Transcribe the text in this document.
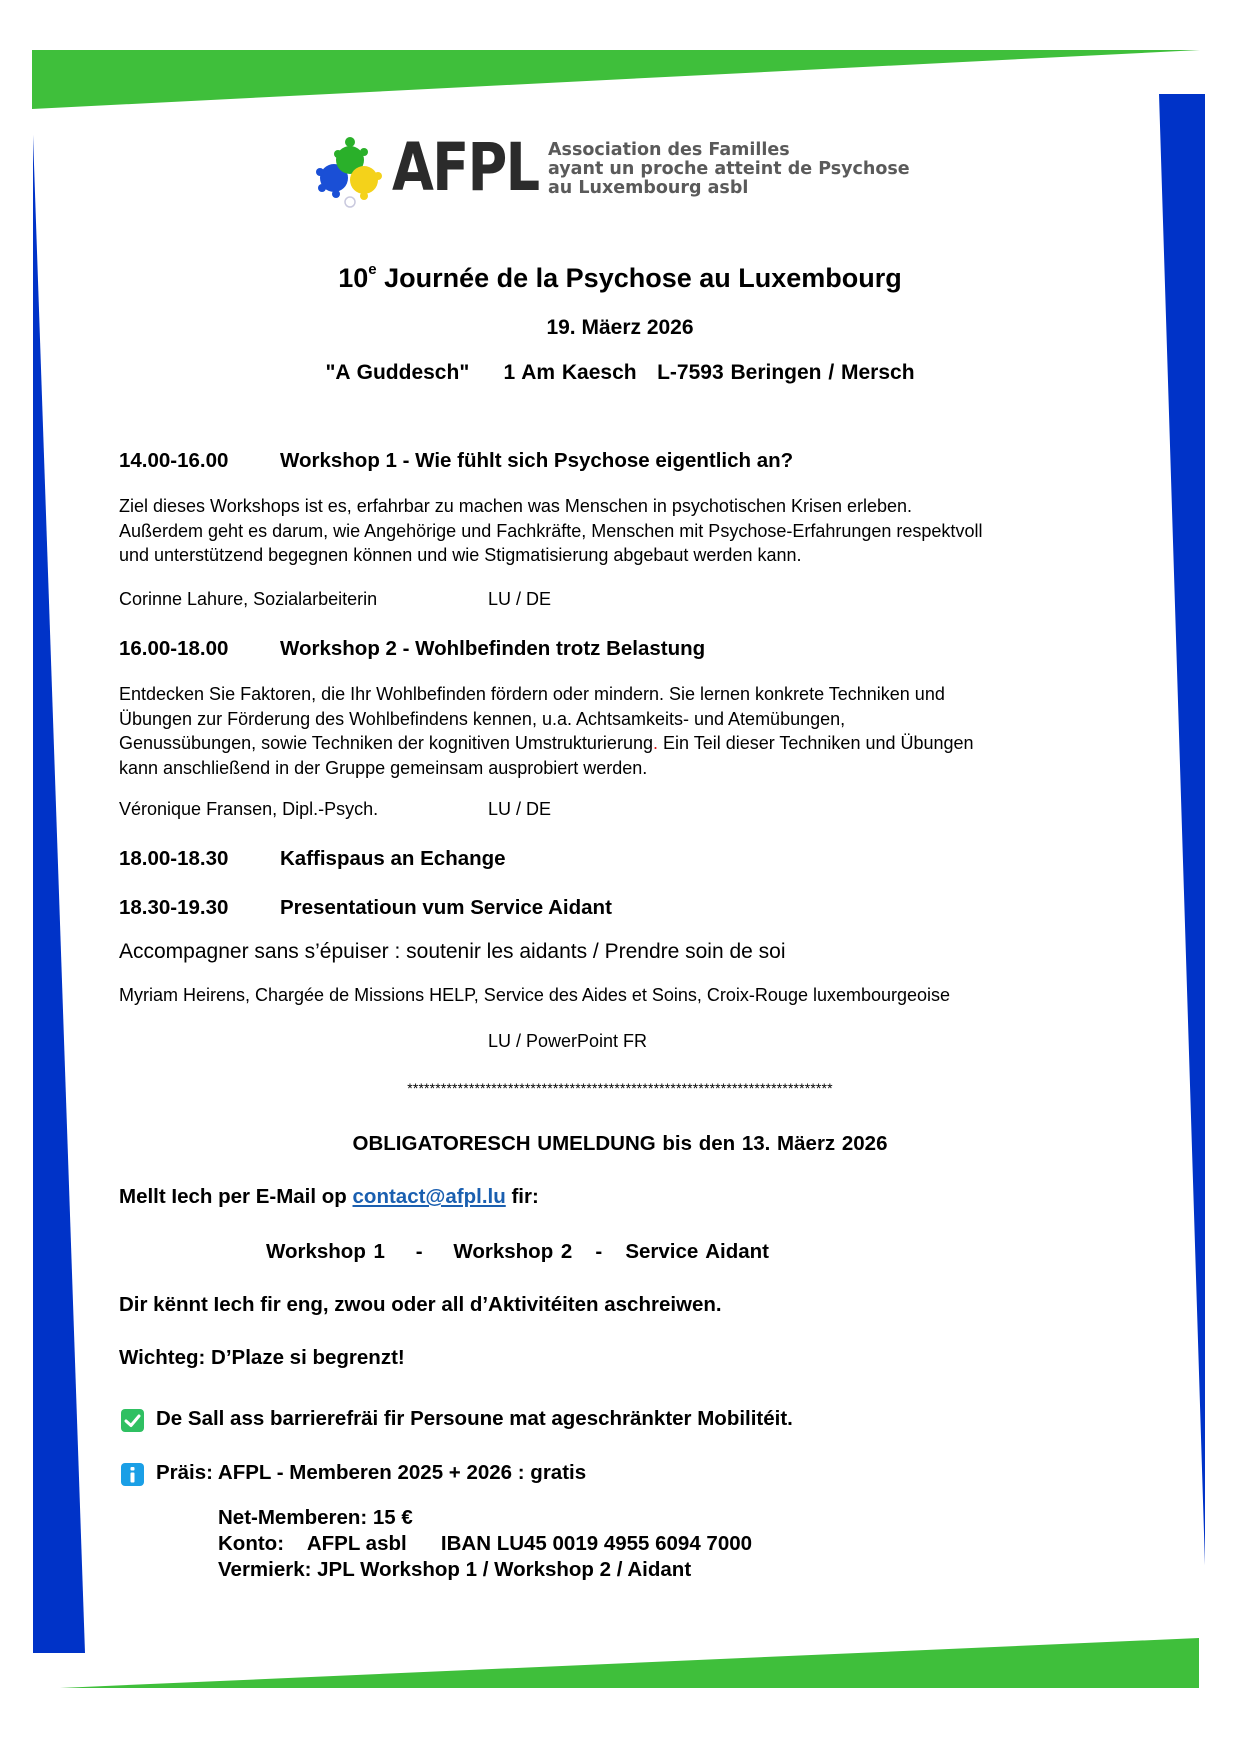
AFPL Association des Familles
ayant un proche atteint de Psychose
au Luxembourg asbl
10e Journée de la Psychose au Luxembourg
19. Mäerz 2026
"A Guddesch" 1 Am Kaesch L-7593 Beringen / Mersch
14.00-16.00	Workshop 1 - Wie fühlt sich Psychose eigentlich an?
Ziel dieses Workshops ist es, erfahrbar zu machen was Menschen in psychotischen Krisen erleben.
Außerdem geht es darum, wie Angehörige und Fachkräfte, Menschen mit Psychose-Erfahrungen respektvoll
und unterstützend begegnen können und wie Stigmatisierung abgebaut werden kann.
Corinne Lahure, Sozialarbeiterin	LU / DE
16.00-18.00	Workshop 2 - Wohlbefinden trotz Belastung
Entdecken Sie Faktoren, die Ihr Wohlbefinden fördern oder mindern. Sie lernen konkrete Techniken und
Übungen zur Förderung des Wohlbefindens kennen, u.a. Achtsamkeits- und Atemübungen,
Genussübungen, sowie Techniken der kognitiven Umstrukturierung. Ein Teil dieser Techniken und Übungen
kann anschließend in der Gruppe gemeinsam ausprobiert werden.
Véronique Fransen, Dipl.-Psych.	LU / DE
18.00-18.30	Kaffispaus an Echange
18.30-19.30	Presentatioun vum Service Aidant
Accompagner sans s’épuiser : soutenir les aidants / Prendre soin de soi
Myriam Heirens, Chargée de Missions HELP, Service des Aides et Soins, Croix-Rouge luxembourgeoise
LU / PowerPoint FR
****************************************************************************
OBLIGATORESCH UMELDUNG bis den 13. Mäerz 2026
Mellt Iech per E-Mail op contact@afpl.lu fir:
Workshop 1 - Workshop 2 - Service Aidant
Dir kënnt Iech fir eng, zwou oder all d’Aktivitéiten aschreiwen.
Wichteg: D’Plaze si begrenzt!
De Sall ass barrierefräi fir Persoune mat ageschränkter Mobilitéit.
Präis: AFPL - Memberen 2025 + 2026 : gratis
Net-Memberen: 15 €
Konto: AFPL asbl IBAN LU45 0019 4955 6094 7000
Vermierk: JPL Workshop 1 / Workshop 2 / Aidant
